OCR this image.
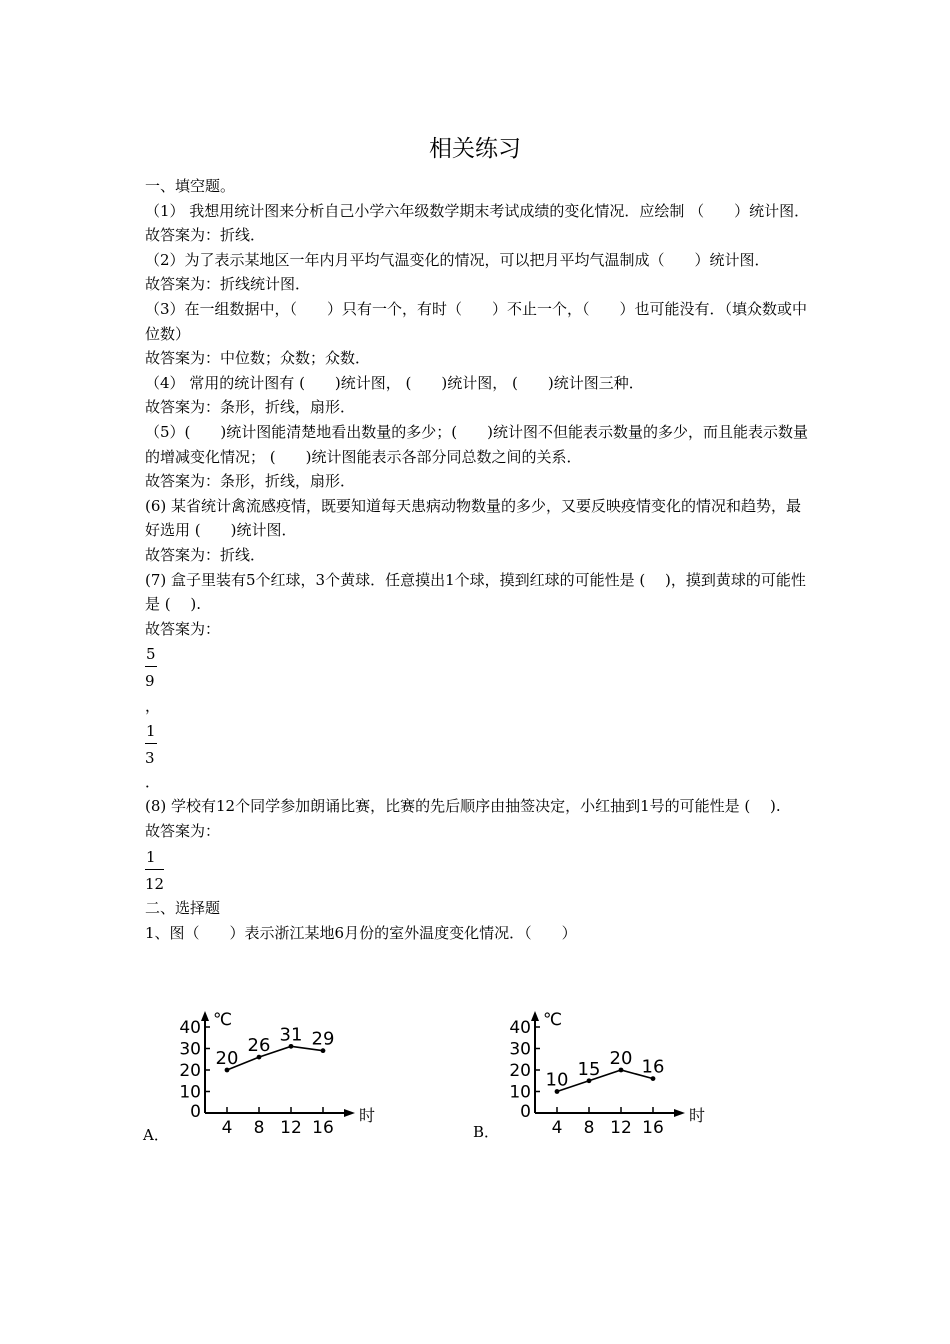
相关练习

一、填空题。

（1） 我想用统计图来分析自己小学六年级数学期末考试成绩的变化情况．应绘制 （　　）统计图．

故答案为：折线．

（2）为了表示某地区一年内月平均气温变化的情况，可以把月平均气温制成（　　）统计图．

故答案为：折线统计图．

（3）在一组数据中，（　　）只有一个，有时（　　）不止一个，（　　）也可能没有．（填众数或中位数）

故答案为：中位数；众数；众数．

（4） 常用的统计图有 (　　)统计图， (　　)统计图， (　　)统计图三种．

故答案为：条形，折线，扇形．

（5）(　　)统计图能清楚地看出数量的多少；(　　)统计图不但能表示数量的多少，而且能表示数量的增减变化情况； (　　)统计图能表示各部分同总数之间的关系．

故答案为：条形，折线，扇形．

(6) 某省统计禽流感疫情，既要知道每天患病动物数量的多少，又要反映疫情变化的情况和趋势，最好选用 (　　)统计图．

故答案为：折线．

(7) 盒子里装有5个红球，3个黄球．任意摸出1个球，摸到红球的可能性是 (　 )，摸到黄球的可能性是 (　 ).

故答案为：

$\frac{5}{9}$
，
$\frac{1}{3}$
．

(8) 学校有12个同学参加朗诵比赛，比赛的先后顺序由抽签决定，小红抽到1号的可能性是 (　 ).

故答案为：

$\frac{1}{12}$

二、选择题

1、图（　　）表示浙江某地6月份的室外温度变化情况．（　　）

A．
℃
时
40
30
20
10
0
4 8 12 16
20
26
31 29
B．
℃
时
40
30
20
10
0
4 8 12 16
10
15
20 16
